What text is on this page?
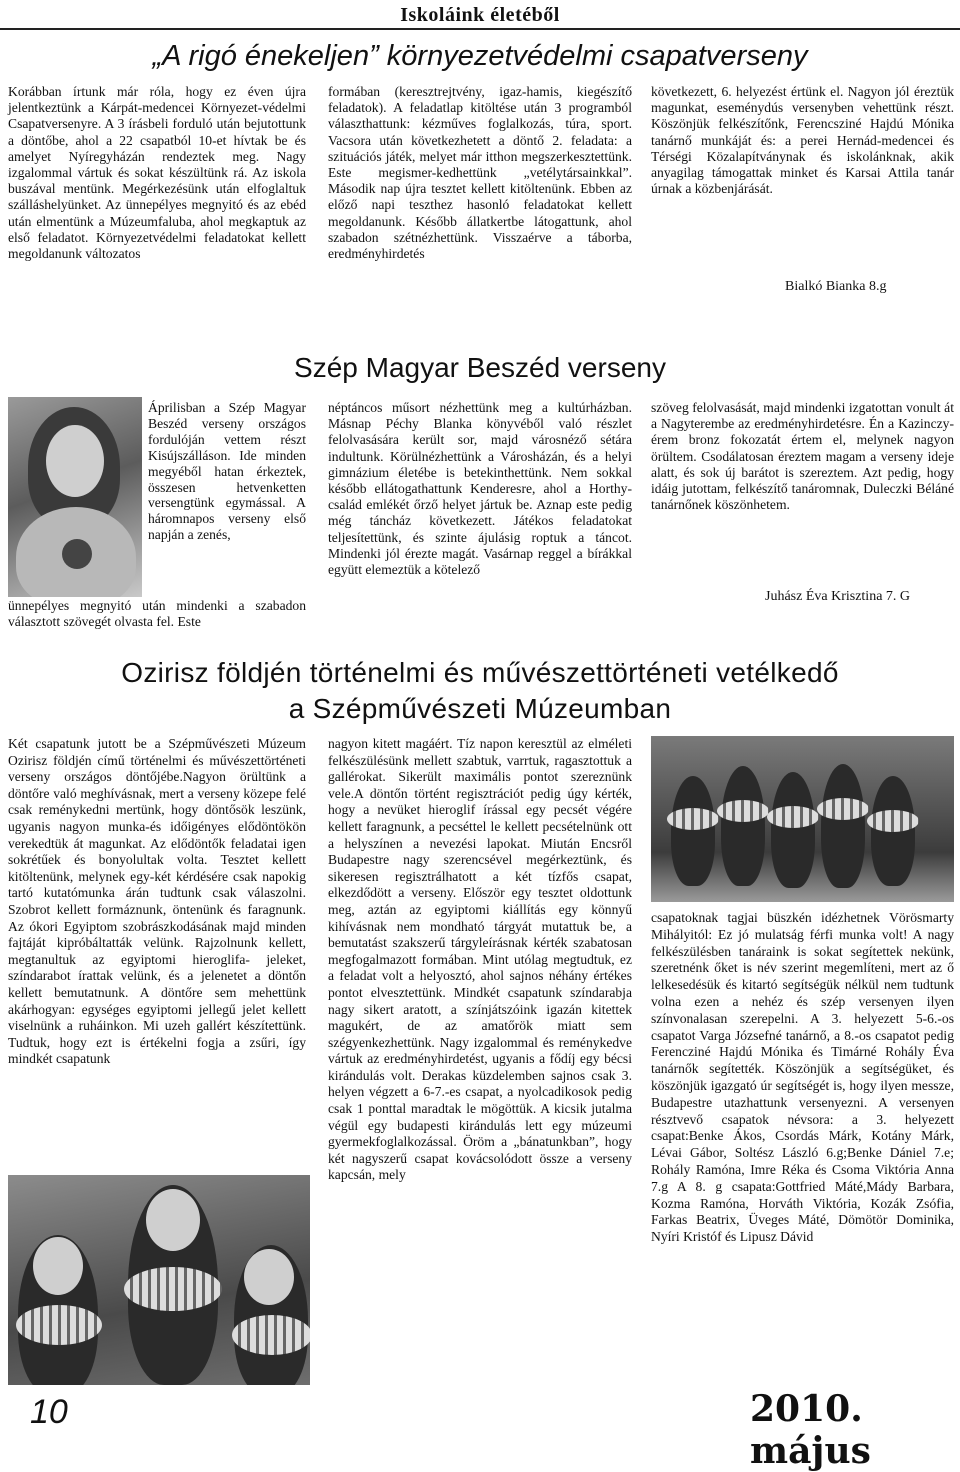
Iskoláink életéből
„A rigó énekeljen” környezetvédelmi csapatverseny

Korábban írtunk már róla, hogy ez éven újra jelentkeztünk a Kárpát-medencei Környezet-védelmi Csapatversenyre. A 3 írásbeli forduló után bejutottunk a döntőbe, ahol a 22 csapatból 10-et hívtak be és amelyet Nyíregyházán rendeztek meg. Nagy izgalommal vártuk és sokat készültünk rá. Az iskola buszával mentünk. Megérkezésünk után elfoglaltuk szálláshelyünket. Az ünnepélyes megnyitó és az ebéd után elmentünk a Múzeumfaluba, ahol megkaptuk az első feladatot. Környezetvédelmi feladatokat kellett megoldanunk változatos

formában (keresztrejtvény, igaz-hamis, kiegészítő feladatok). A feladatlap kitöltése után 3 programból választhattunk: kézműves foglalkozás, túra, sport. Vacsora után következhetett a döntő 2. feladata: a szituációs játék, melyet már itthon megszerkesztettünk. Este megismer-kedhettünk „vetélytársainkkal”. Második nap újra tesztet kellett kitöltenünk. Ebben az előző napi teszthez hasonló feladatokat kellett megoldanunk. Később állatkertbe látogattunk, ahol szabadon szétnézhettünk. Visszaérve a táborba, eredményhirdetés

következett, 6. helyezést értünk el. Nagyon jól éreztük magunkat, eseménydús versenyben vehettünk részt. Köszönjük felkészítőnk, Ferencsziné Hajdú Mónika tanárnő munkáját és: a perei Hernád-medencei és Térségi Közalapítványnak és iskolánknak, akik anyagilag támogattak minket és Karsai Attila tanár úrnak a közbenjárását.

Bialkó Bianka 8.g
Szép Magyar Beszéd verseny

Áprilisban a Szép Magyar Beszéd verseny országos fordulóján vettem részt Kisújszálláson. Ide minden megyéből hatan érkeztek, összesen hetvenketten versengtünk egymással. A háromnapos verseny első napján a zenés,

ünnepélyes megnyitó után mindenki a szabadon választott szövegét olvasta fel. Este

néptáncos műsort nézhettünk meg a kultúrházban. Másnap Péchy Blanka könyvéből való részlet felolvasására került sor, majd városnéző sétára indultunk. Körülnézhettünk a Városházán, és a helyi gimnázium életébe is betekinthettünk. Nem sokkal később ellátogathattunk Kenderesre, ahol a Horthy-család emlékét őrző helyet jártuk be. Aznap este pedig még táncház következett. Játékos feladatokat teljesítettünk, és szinte ájulásig roptuk a táncot. Mindenki jól érezte magát. Vasárnap reggel a bírákkal együtt elemeztük a kötelező

szöveg felolvasását, majd mindenki izgatottan vonult át a Nagyterembe az eredményhirdetésre. Én a Kazinczy-érem bronz fokozatát értem el, melynek nagyon örültem. Csodálatosan éreztem magam a verseny ideje alatt, és sok új barátot is szereztem. Azt pedig, hogy idáig jutottam, felkészítő tanáromnak, Duleczki Béláné tanárnőnek köszönhetem.

Juhász Éva Krisztina 7. G
Ozirisz földjén történelmi és művészettörténeti vetélkedő
a Szépművészeti Múzeumban

Két csapatunk jutott be a Szépművészeti Múzeum Ozirisz földjén című történelmi és művészettörténeti verseny országos döntőjébe.Nagyon örültünk a döntőre való meghívásnak, mert a verseny közepe felé csak reménykedni mertünk, hogy döntősök leszünk, ugyanis nagyon munka-és időigényes elődöntökön verekedtük át magunkat. Az elődöntők feladatai igen sokrétűek és bonyolultak volta. Tesztet kellett kitöltenünk, melynek egy-két kérdésére csak napokig tartó kutatómunka árán tudtunk csak válaszolni. Szobrot kellett formáznunk, öntenünk és faragnunk. Az ókori Egyiptom szobrászkodásának majd minden fajtáját kipróbáltatták velünk. Rajzolnunk kellett, megtanultuk az egyiptomi hieroglifa- jeleket, színdarabot írattak velünk, és a jelenetet a döntőn kellett bemutatnunk. A döntőre sem mehettünk akárhogyan: egységes egyiptomi jellegű jelet kellett viselnünk a ruháinkon. Mi uzeh gallért készítettünk. Tudtuk, hogy ezt is értékelni fogja a zsűri, így mindkét csapatunk

nagyon kitett magáért. Tíz napon keresztül az elméleti felkészülésünk mellett szabtuk, varrtuk, ragasztottuk a gallérokat. Sikerült maximális pontot szereznünk vele.A döntőn történt regisztrációt pedig úgy kérték, hogy a nevüket hieroglif írással egy pecsét végére kellett faragnunk, a pecséttel le kellett pecsételnünk ott a helyszínen a nevezési lapokat. Miután Encsről Budapestre nagy szerencsével megérkeztünk, és sikeresen regisztrálhatott a két tízfős csapat, elkezdődött a verseny. Először egy tesztet oldottunk meg, aztán az egyiptomi kiállítás egy könnyű kihívásnak nem mondható tárgyát mutattuk be, a bemutatást szakszerű tárgyleírásnak kérték szabatosan megfogalmazott formában. Mint utólag megtudtuk, ez a feladat volt a helyosztó, ahol sajnos néhány értékes pontot elvesztettünk. Mindkét csapatunk színdarabja nagy sikert aratott, a színjátszóink igazán kitettek magukért, de az amatőrök miatt sem szégyenkezhettünk. Nagy izgalommal és reménykedve vártuk az eredményhirdetést, ugyanis a fődíj egy bécsi kirándulás volt. Derakas küzdelemben sajnos csak 3. helyen végzett a 6-7.-es csapat, a nyolcadikosok pedig csak 1 ponttal maradtak le mögöttük. A kicsik jutalma végül egy budapesti kirándulás lett egy múzeumi gyermekfoglalkozással. Öröm a „bánatunkban”, hogy két nagyszerű csapat kovácsolódott össze a verseny kapcsán, mely

csapatoknak tagjai büszkén idézhetnek Vörösmarty Mihályitól: Ez jó mulatság férfi munka volt! A nagy felkészülésben tanáraink is sokat segítettek nekünk, szeretnénk őket is név szerint megemlíteni, mert az ő lelkesedésük és kitartó segítségük nélkül nem tudtunk volna ezen a nehéz és szép versenyen ilyen színvonalasan szerepelni. A 3. helyezett 5-6.-os csapatot Varga Józsefné tanárnő, a 8.-os csapatot pedig Ferencziné Hajdú Mónika és Timárné Rohály Éva tanárnők segítették. Köszönjük a segítségüket, és köszönjük igazgató úr segítségét is, hogy ilyen messze, Budapestre utazhattunk versenyezni. A versenyen résztvevő csapatok névsora: a 3. helyezett csapat:Benke Ákos, Csordás Márk, Kotány Márk, Lévai Gábor, Soltész László 6.g;Benke Dániel 7.e; Rohály Ramóna, Imre Réka és Csoma Viktória Anna 7.g A 8. g csapata:Gottfried Máté,Mády Barbara, Kozma Ramóna, Horváth Viktória, Kozák Zsófia, Farkas Beatrix, Üveges Máté, Dömötör Dominika, Nyíri Kristóf és Lipusz Dávid

10	2010. május
